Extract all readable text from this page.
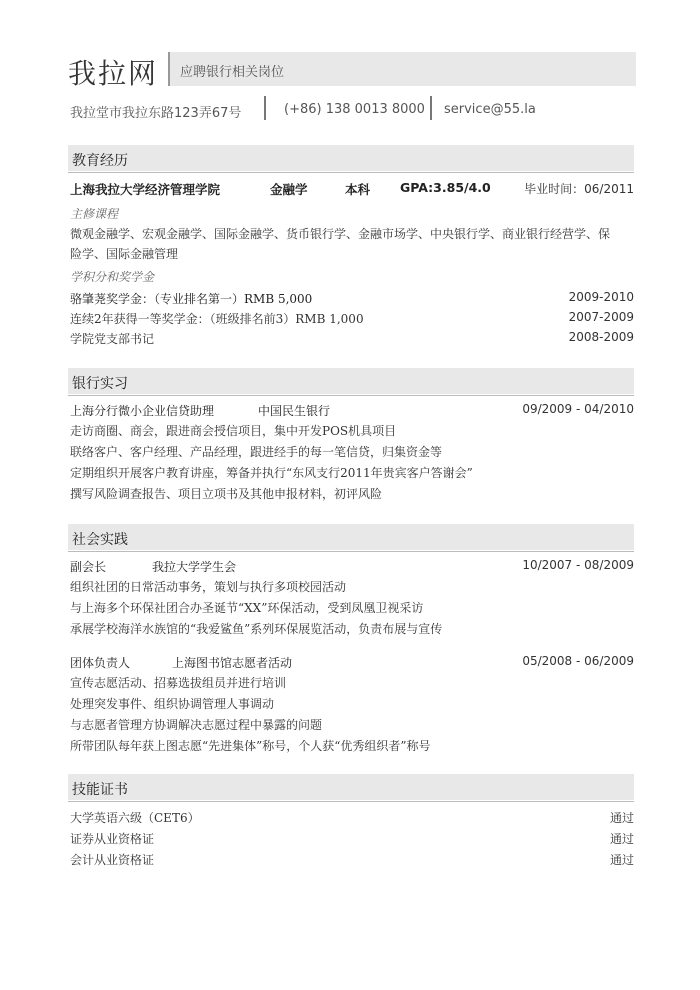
我拉网 应聘银行相关岗位
我拉堂市我拉东路123弄67号	(+86) 138 0013 8000 service@55.la
教育经历
上海我拉大学经济管理学院	金融学	本科 GPA:3.85/4.0	毕业时间：06/2011
主修课程
微观金融学、宏观金融学、国际金融学、货币银行学、金融市场学、中央银行学、商业银行经营学、保
险学、国际金融管理
学积分和奖学金
骆肇荛奖学金：（专业排名第一）RMB 5,000	2009-2010
连续2年获得一等奖学金：（班级排名前3）RMB 1,000	2007-2009
学院党支部书记	2008-2009
银行实习
上海分行微小企业信贷助理	中国民生银行	09/2009 - 04/2010
走访商圈、商会，跟进商会授信项目，集中开发POS机具项目
联络客户、客户经理、产品经理，跟进经手的每一笔信贷，归集资金等
定期组织开展客户教育讲座，筹备并执行“东风支行2011年贵宾客户答谢会”
撰写风险调查报告、项目立项书及其他申报材料，初评风险
社会实践
副会长	我拉大学学生会	10/2007 - 08/2009
组织社团的日常活动事务，策划与执行多项校园活动
与上海多个环保社团合办圣诞节“XX”环保活动，受到凤凰卫视采访
承展学校海洋水族馆的“我爱鲨鱼”系列环保展览活动，负责布展与宣传
团体负责人	上海图书馆志愿者活动	05/2008 - 06/2009
宣传志愿活动、招募选拔组员并进行培训
处理突发事件、组织协调管理人事调动
与志愿者管理方协调解决志愿过程中暴露的问题
所带团队每年获上图志愿“先进集体”称号，个人获“优秀组织者”称号
技能证书
大学英语六级（CET6）	通过
证券从业资格证	通过
会计从业资格证	通过
